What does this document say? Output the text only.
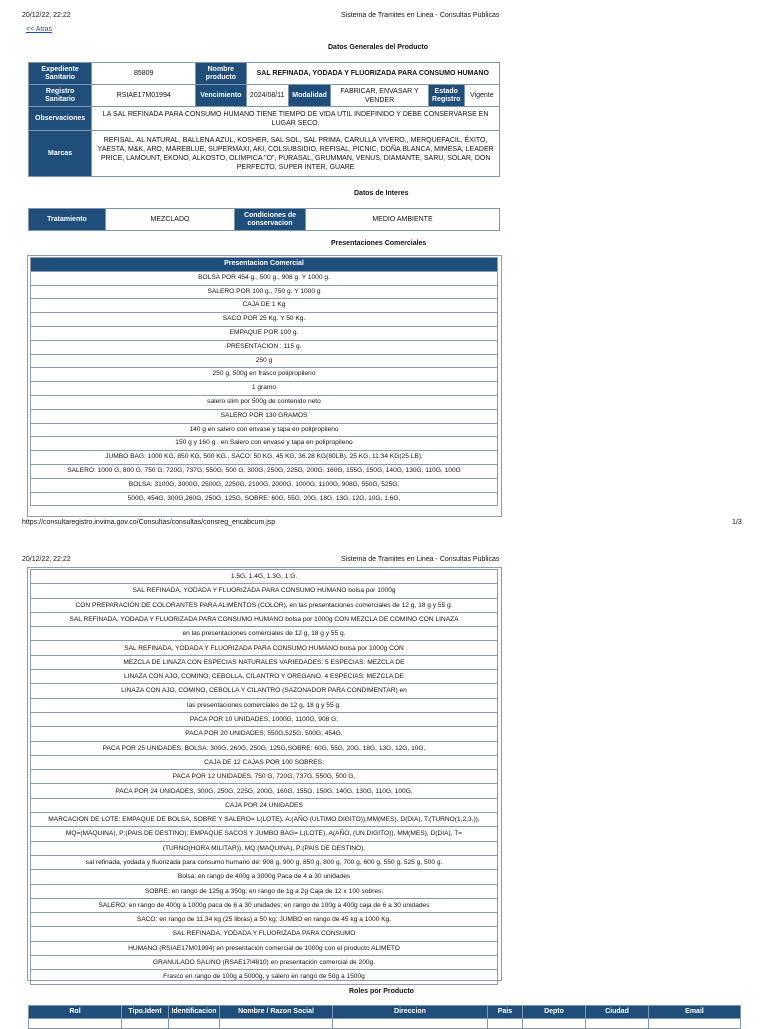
20/12/22, 22:22	Sistema de Tramites en Linea - Consultas Publicas
<< Atras
Datos Generales del Producto
Expediente Sanitario	85809	Nombre producto	SAL REFINADA, YODADA Y FLUORIZADA PARA CONSUMO HUMANO				
Registro Sanitario	RSIAE17M01994	Vencimiento	2024/08/11	Modalidad	FABRICAR, ENVASAR Y VENDER	Estado Registro	Vigente
Observaciones	LA SAL REFINADA PARA CONSUMO HUMANO TIENE TIEMPO DE VIDA UTIL INDEFINIDO Y DEBE CONSERVARSE EN LUGAR SECO.						
Marcas	REFISAL, AL NATURAL, BALLENA AZUL, KOSHER, SAL SOL, SAL PRIMA, CARULLA VIVERO,, MERQUEFACIL, ÉXITO, YAESTA, M&K, ARO, MAREBLUE, SUPERMAXI, AKI, COLSUBSIDIO, REFISAL, PICNIC, DOÑA BLANCA, MIMESA, LEADER PRICE, LAMOUNT, EKONO, ALKOSTO, OLIMPICA "O", PURASAL, GRUMMAN, VENUS, DIAMANTE, SARU, SOLAR, DON PERFECTO, SUPER INTER, GUARE						
Datos de Interes
Tratamiento	MEZCLADO	Condiciones de conservacion	MEDIO AMBIENTE
Presentaciones Comerciales
Presentacion Comercial
BOLSA POR 454 g., 500 g., 908 g. Y 1000 g.
SALERO POR 100 g., 750 g. Y 1000 g
CAJA DE 1 Kg
SACO POR 25 Kg. Y 50 Kg.
EMPAQUE POR 100 g.
PRESENTACION : 115 g.
250 g
250 g, 500g en frasco polipropileno
1 gramo
salero slim por 500g de contenido neto
SALERO POR 130 GRAMOS
140 g en salero con envase y tapa en polipropileno
150 g y 160 g . en Salero con envase y tapa en polipropileno
JUMBO BAG: 1000 KG, 850 KG, 500 KG., SACO: 50 KG, 45 KG, 36.28 KG(80LB), 25 KG, 11.34 KG(25 LB),
SALERO: 1000 G, 800 G, 750 G, 720G, 737G, 550G, 500 G, 300G, 250G, 225G, 200G, 160G, 155G, 150G, 140G, 130G, 110G, 100G
BOLSA: 3100G, 3000G, 2500G, 2250G, 2100G, 2000G, 1000G, 1100G, 908G, 550G, 525G,
500G, 454G, 300G,260G, 250G, 125G, SOBRE: 60G, 55G, 20G, 18G, 13G, 12G, 10G, 1.6G,
https://consultaregistro.invima.gov.co/Consultas/consultas/consreg_encabcum.jsp	1/3
20/12/22, 22:22	Sistema de Tramites en Linea - Consultas Publicas
1.5G, 1.4G, 1.3G, 1 G.
SAL REFINADA, YODADA Y FLUORIZADA PARA CONSUMO HUMANO bolsa por 1000g
CON PREPARACIÓN DE COLORANTES PARA ALIMENTOS (COLOR), en las presentaciones comerciales de 12 g, 18 g y 55 g.
SAL REFINADA, YODADA Y FLUORIZADA PARA CONSUMO HUMANO bolsa por 1000g CON MEZCLA DE COMINO CON LINAZA
en las presentaciones comerciales de 12 g, 18 g y 55 g.
SAL REFINADA, YODADA Y FLUORIZADA PARA CONSUMO HUMANO bolsa por 1000g CON
MEZCLA DE LINAZA CON ESPECIAS NATURALES VARIEDADES: 5 ESPECIAS: MEZCLA DE
LINAZA CON AJO, COMINO, CEBOLLA, CILANTRO Y OREGANO. 4 ESPECIAS: MEZCLA DE
LINAZA CON AJO, COMINO, CEBOLLA Y CILANTRO (SAZONADOR PARA CONDIMENTAR) en
las presentaciones comerciales de 12 g, 18 g y 55 g.
PACA POR 10 UNIDADES; 1000G, 1100G, 908 G;
PACA POR 20 UNIDADES; 550G,525G, 500G, 454G,
PACA POR 25 UNIDADES; BOLSA: 300G, 260G, 250G, 125G,SOBRE: 60G, 55G, 20G, 18G, 13G, 12G, 10G,
CAJA DE 12 CAJAS POR 100 SOBRES;
PACA POR 12 UNIDADES, 750 G, 720G, 737G, 550G, 500 G,
PACA POR 24 UNIDADES, 300G, 250G, 225G, 200G, 160G, 155G, 150G, 140G, 130G, 110G, 100G,
CAJA POR 24 UNIDADES
MARCACION DE LOTE: EMPAQUE DE BOLSA, SOBRE Y SALERO= L(LOTE), A:(AÑO (ULTIMO DIGITO)),MM(MES), D(DIA), T:(TURNO(1,2,3,)),
MQ=(MAQUINA), P:(PAIS DE DESTINO); EMPAQUE SACOS Y JUMBO BAG= L(LOTE), A(AÑO, (UN DIGITO)), MM(MES), D(DIA), T=
(TURNO(HORA MILITAR)), MQ:(MAQUINA), P:(PAIS DE DESTINO).
sal refinada, yodada y fluorizada para consumo humano de: 908 g, 900 g, 850 g, 800 g, 700 g, 600 g, 550 g, 525 g, 500 g.
Bolsa: en rango de 400g a 3000g Paca de 4 a 30 unidades
SOBRE: en rango de 125g a 350g; en rango de 1g a 2g Caja de 12 x 100 sobres;
SALERO: en rango de 400g a 1000g paca de 6 a 30 unidades; en rango de 100g a 400g caja de 6 a 30 unidades
SACO: en rango de 11.34 kg (25 libras) a 50 kg; JUMBO en rango de 45 kg a 1000 Kg.
SAL REFINADA, YODADA Y FLUORIZADA PARA CONSUMO
HUMANO (RSIAE17M01994) en presentación comercial de 1000g con el producto ALIMETO
GRANULADO SALINO (RSAE17I4810) en presentación comercial de 200g.
Frasco en rango de 100g a 5000g, y salero en rango de 50g a 1500g
Roles por Producto
Rol	Tipo.Ident	Identificacion	Nombre / Razon Social	Direccion	Pais	Depto	Ciudad	Email
